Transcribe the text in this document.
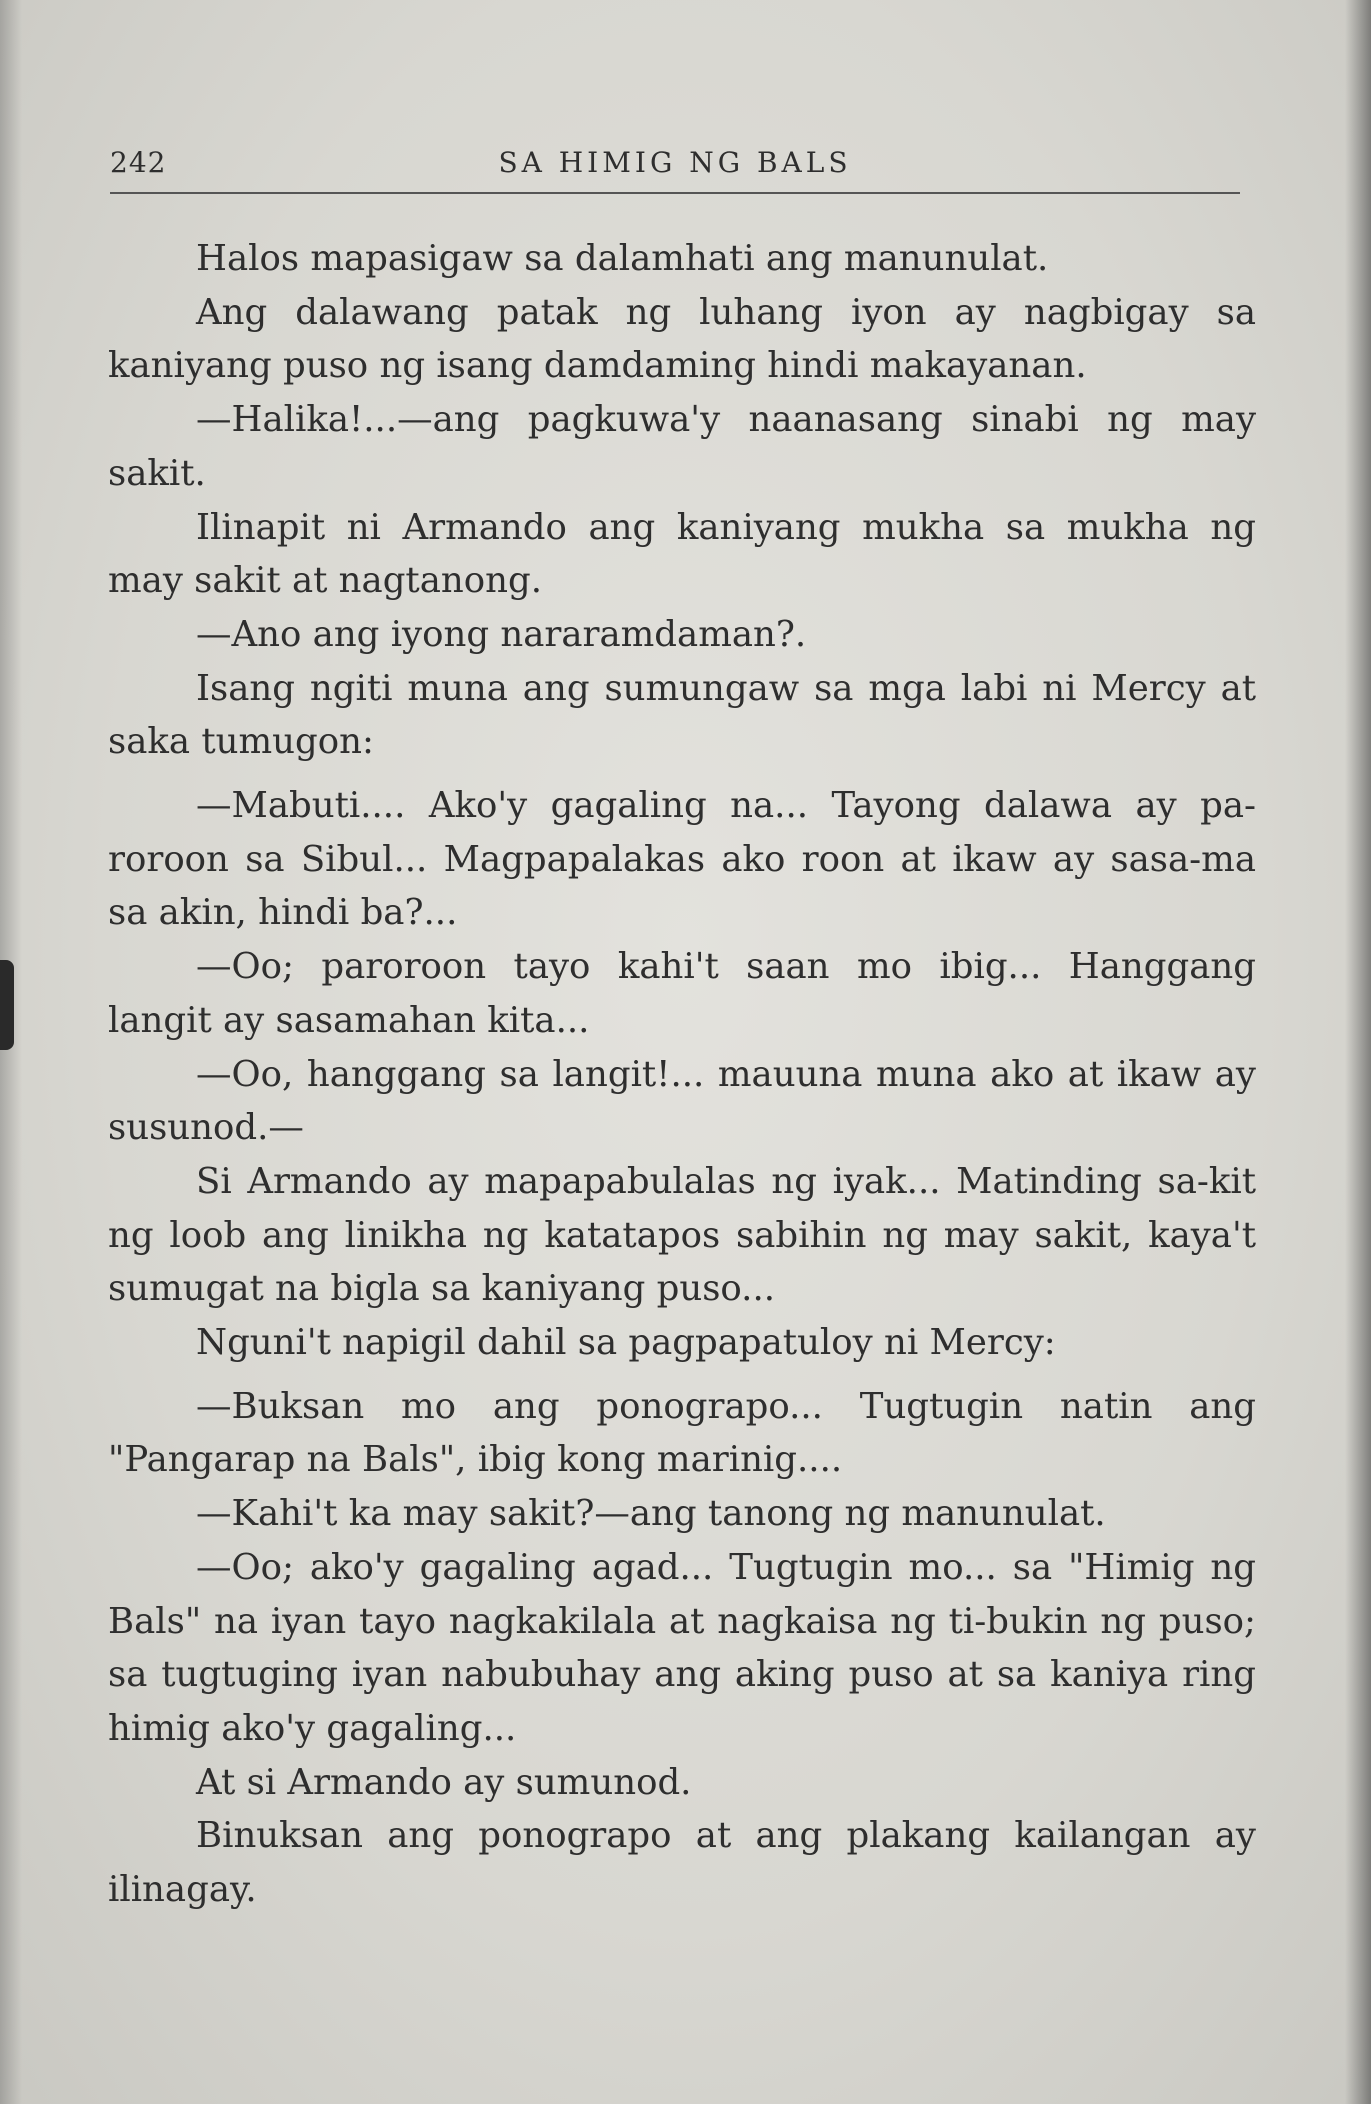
242	SA HIMIG NG BALS

Halos mapasigaw sa dalamhati ang manunulat.

Ang dalawang patak ng luhang iyon ay nagbigay sa kaniyang puso ng isang damdaming hindi makayanan.

—Halika!...—ang pagkuwa'y naanasang sinabi ng may sakit.

Ilinapit ni Armando ang kaniyang mukha sa mukha ng may sakit at nagtanong.

—Ano ang iyong nararamdaman?.

Isang ngiti muna ang sumungaw sa mga labi ni Mercy at saka tumugon:

—Mabuti.... Ako'y gagaling na... Tayong dalawa ay pa-roroon sa Sibul... Magpapalakas ako roon at ikaw ay sasa-ma sa akin, hindi ba?...

—Oo; paroroon tayo kahi't saan mo ibig... Hanggang langit ay sasamahan kita...

—Oo, hanggang sa langit!... mauuna muna ako at ikaw ay susunod.—

Si Armando ay mapapabulalas ng iyak... Matinding sa-kit ng loob ang linikha ng katatapos sabihin ng may sakit, kaya't sumugat na bigla sa kaniyang puso...

Nguni't napigil dahil sa pagpapatuloy ni Mercy:

—Buksan mo ang ponograpo... Tugtugin natin ang "Pangarap na Bals", ibig kong marinig....

—Kahi't ka may sakit?—ang tanong ng manunulat.

—Oo; ako'y gagaling agad... Tugtugin mo... sa "Himig ng Bals" na iyan tayo nagkakilala at nagkaisa ng ti-bukin ng puso; sa tugtuging iyan nabubuhay ang aking puso at sa kaniya ring himig ako'y gagaling...

At si Armando ay sumunod.

Binuksan ang ponograpo at ang plakang kailangan ay ilinagay.
